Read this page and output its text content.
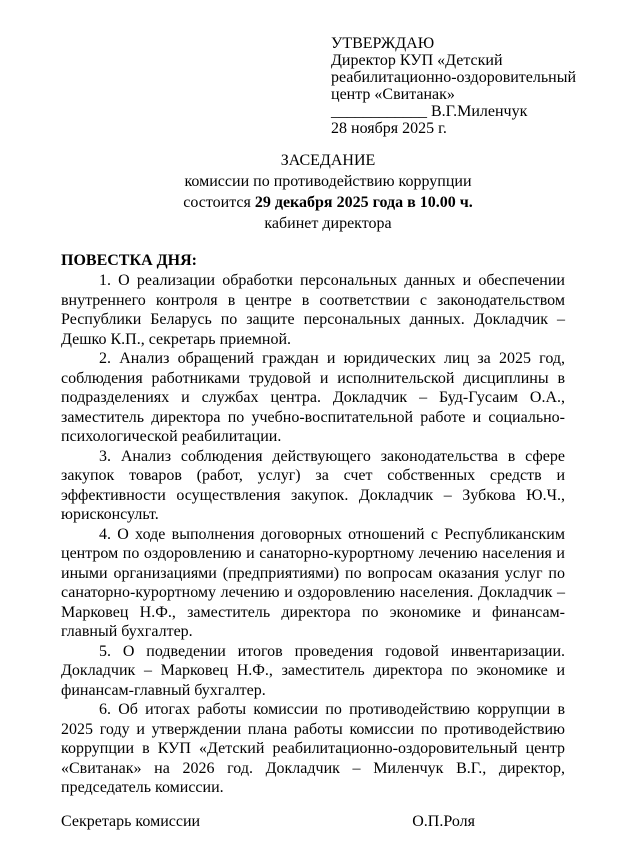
УТВЕРЖДАЮ
Директор КУП «Детский
реабилитационно-оздоровительный
центр «Свитанак»
____________ В.Г.Миленчук
28 ноября 2025 г.
ЗАСЕДАНИЕ
комиссии по противодействию коррупции
состоится 29 декабря 2025 года в 10.00 ч.
кабинет директора
ПОВЕСТКА ДНЯ:

1. О реализации обработки персональных данных и обеспечении внутреннего контроля в центре в соответствии с законодательством Республики Беларусь по защите персональных данных. Докладчик – Дешко К.П., секретарь приемной.

2. Анализ обращений граждан и юридических лиц за 2025 год, соблюдения работниками трудовой и исполнительской дисциплины в подразделениях и службах центра. Докладчик – Буд-Гусаим О.А., заместитель директора по учебно-воспитательной работе и социально-психологической реабилитации.

3. Анализ соблюдения действующего законодательства в сфере закупок товаров (работ, услуг) за счет собственных средств и эффективности осуществления закупок. Докладчик – Зубкова Ю.Ч., юрисконсульт.

4. О ходе выполнения договорных отношений с Республиканским центром по оздоровлению и санаторно-курортному лечению населения и иными организациями (предприятиями) по вопросам оказания услуг по санаторно-курортному лечению и оздоровлению населения. Докладчик – Марковец Н.Ф., заместитель директора по экономике и финансам-главный бухгалтер.

5. О подведении итогов проведения годовой инвентаризации. Докладчик – Марковец Н.Ф., заместитель директора по экономике и финансам-главный бухгалтер.

6. Об итогах работы комиссии по противодействию коррупции в 2025 году и утверждении плана работы комиссии по противодействию коррупции в КУП «Детский реабилитационно-оздоровительный центр «Свитанак» на 2026 год. Докладчик – Миленчук В.Г., директор, председатель комиссии.

Секретарь комиссии	О.П.Роля
